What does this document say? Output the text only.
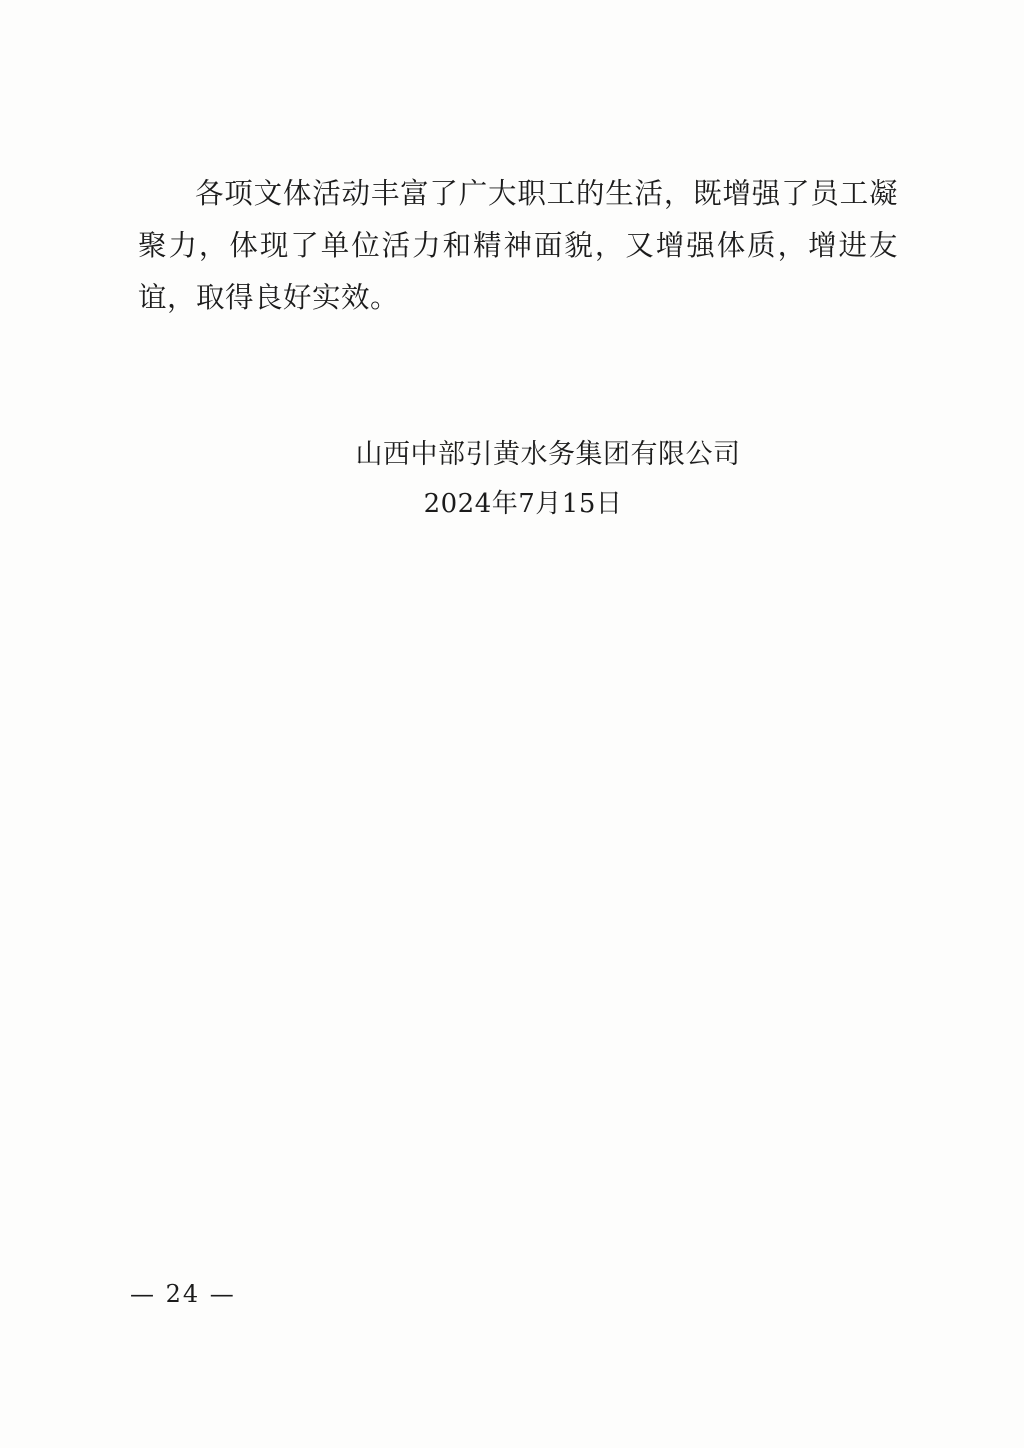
各项文体活动丰富了广大职工的生活，既增强了员工凝聚力，体现了单位活力和精神面貌，又增强体质，增进友谊，取得良好实效。

山西中部引黄水务集团有限公司

2024年7月15日

— 24 —
